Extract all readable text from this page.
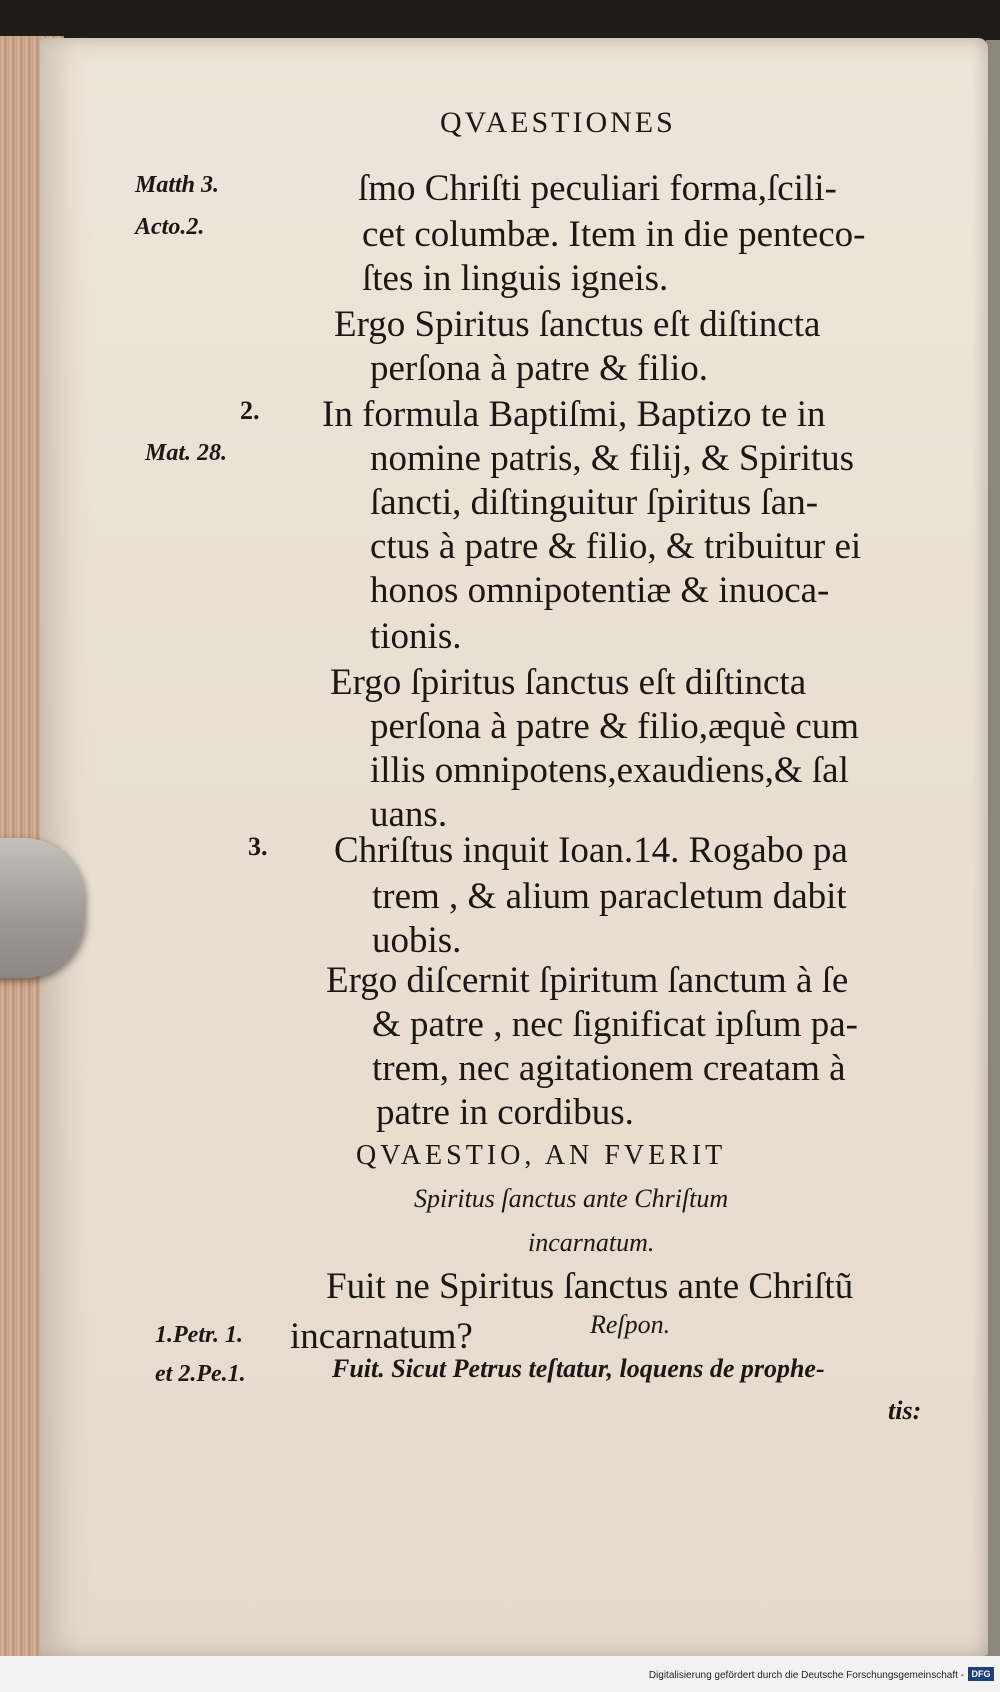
QVAESTIONES
Matth 3.
Acto.2.
2.
Mat. 28.
3.
1.Petr. 1.
et 2.Pe.1.
ſmo Chriſti peculiari forma,ſcili-
cet columbæ. Item in die penteco-
ſtes in linguis igneis.
Ergo Spiritus ſanctus eſt diſtincta
perſona à patre & filio.
In formula Baptiſmi, Baptizo te in
nomine patris, & filij, & Spiritus
ſancti, diſtinguitur ſpiritus ſan-
ctus à patre & filio, & tribuitur ei
honos omnipotentiæ & inuoca-
tionis.
Ergo ſpiritus ſanctus eſt diſtincta
perſona à patre & filio,æquè cum
illis omnipotens,exaudiens,& ſal
uans.
Chriſtus inquit Ioan.14. Rogabo pa
trem , & alium paracletum dabit
uobis.
Ergo diſcernit ſpiritum ſanctum à ſe
& patre , nec ſignificat ipſum pa-
trem, nec agitationem creatam à
patre in cordibus.
QVAESTIO, AN FVERIT
Spiritus ſanctus ante Chriſtum
incarnatum.
Fuit ne Spiritus ſanctus ante Chriſtũ
incarnatum?	Reſpon.
Fuit. Sicut Petrus teſtatur, loquens de prophe-
tis:
Digitalisierung gefördert durch die Deutsche Forschungsgemeinschaft - DFG
